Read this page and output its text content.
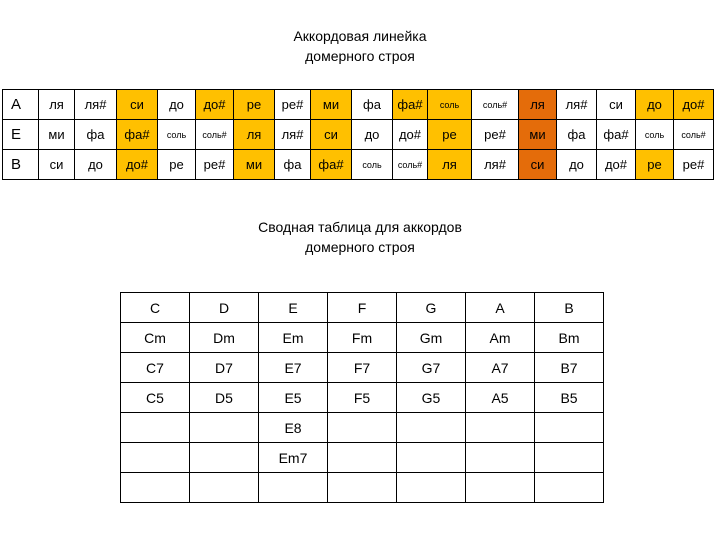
Аккордовая линейка
домерного строя
A	ля	ля#	си	до	до#	ре	ре#	ми	фа	фа#	соль	соль#	ля	ля#	си	до	до#
E	ми	фа	фа#	соль	соль#	ля	ля#	си	до	до#	ре	ре#	ми	фа	фа#	соль	соль#
B	си	до	до#	ре	ре#	ми	фа	фа#	соль	соль#	ля	ля#	си	до	до#	ре	ре#
Сводная таблица для аккордов
домерного строя
C	D	E	F	G	A	B
Cm	Dm	Em	Fm	Gm	Am	Bm
C7	D7	E7	F7	G7	A7	B7
C5	D5	E5	F5	G5	A5	B5
		E8				
		Em7				
